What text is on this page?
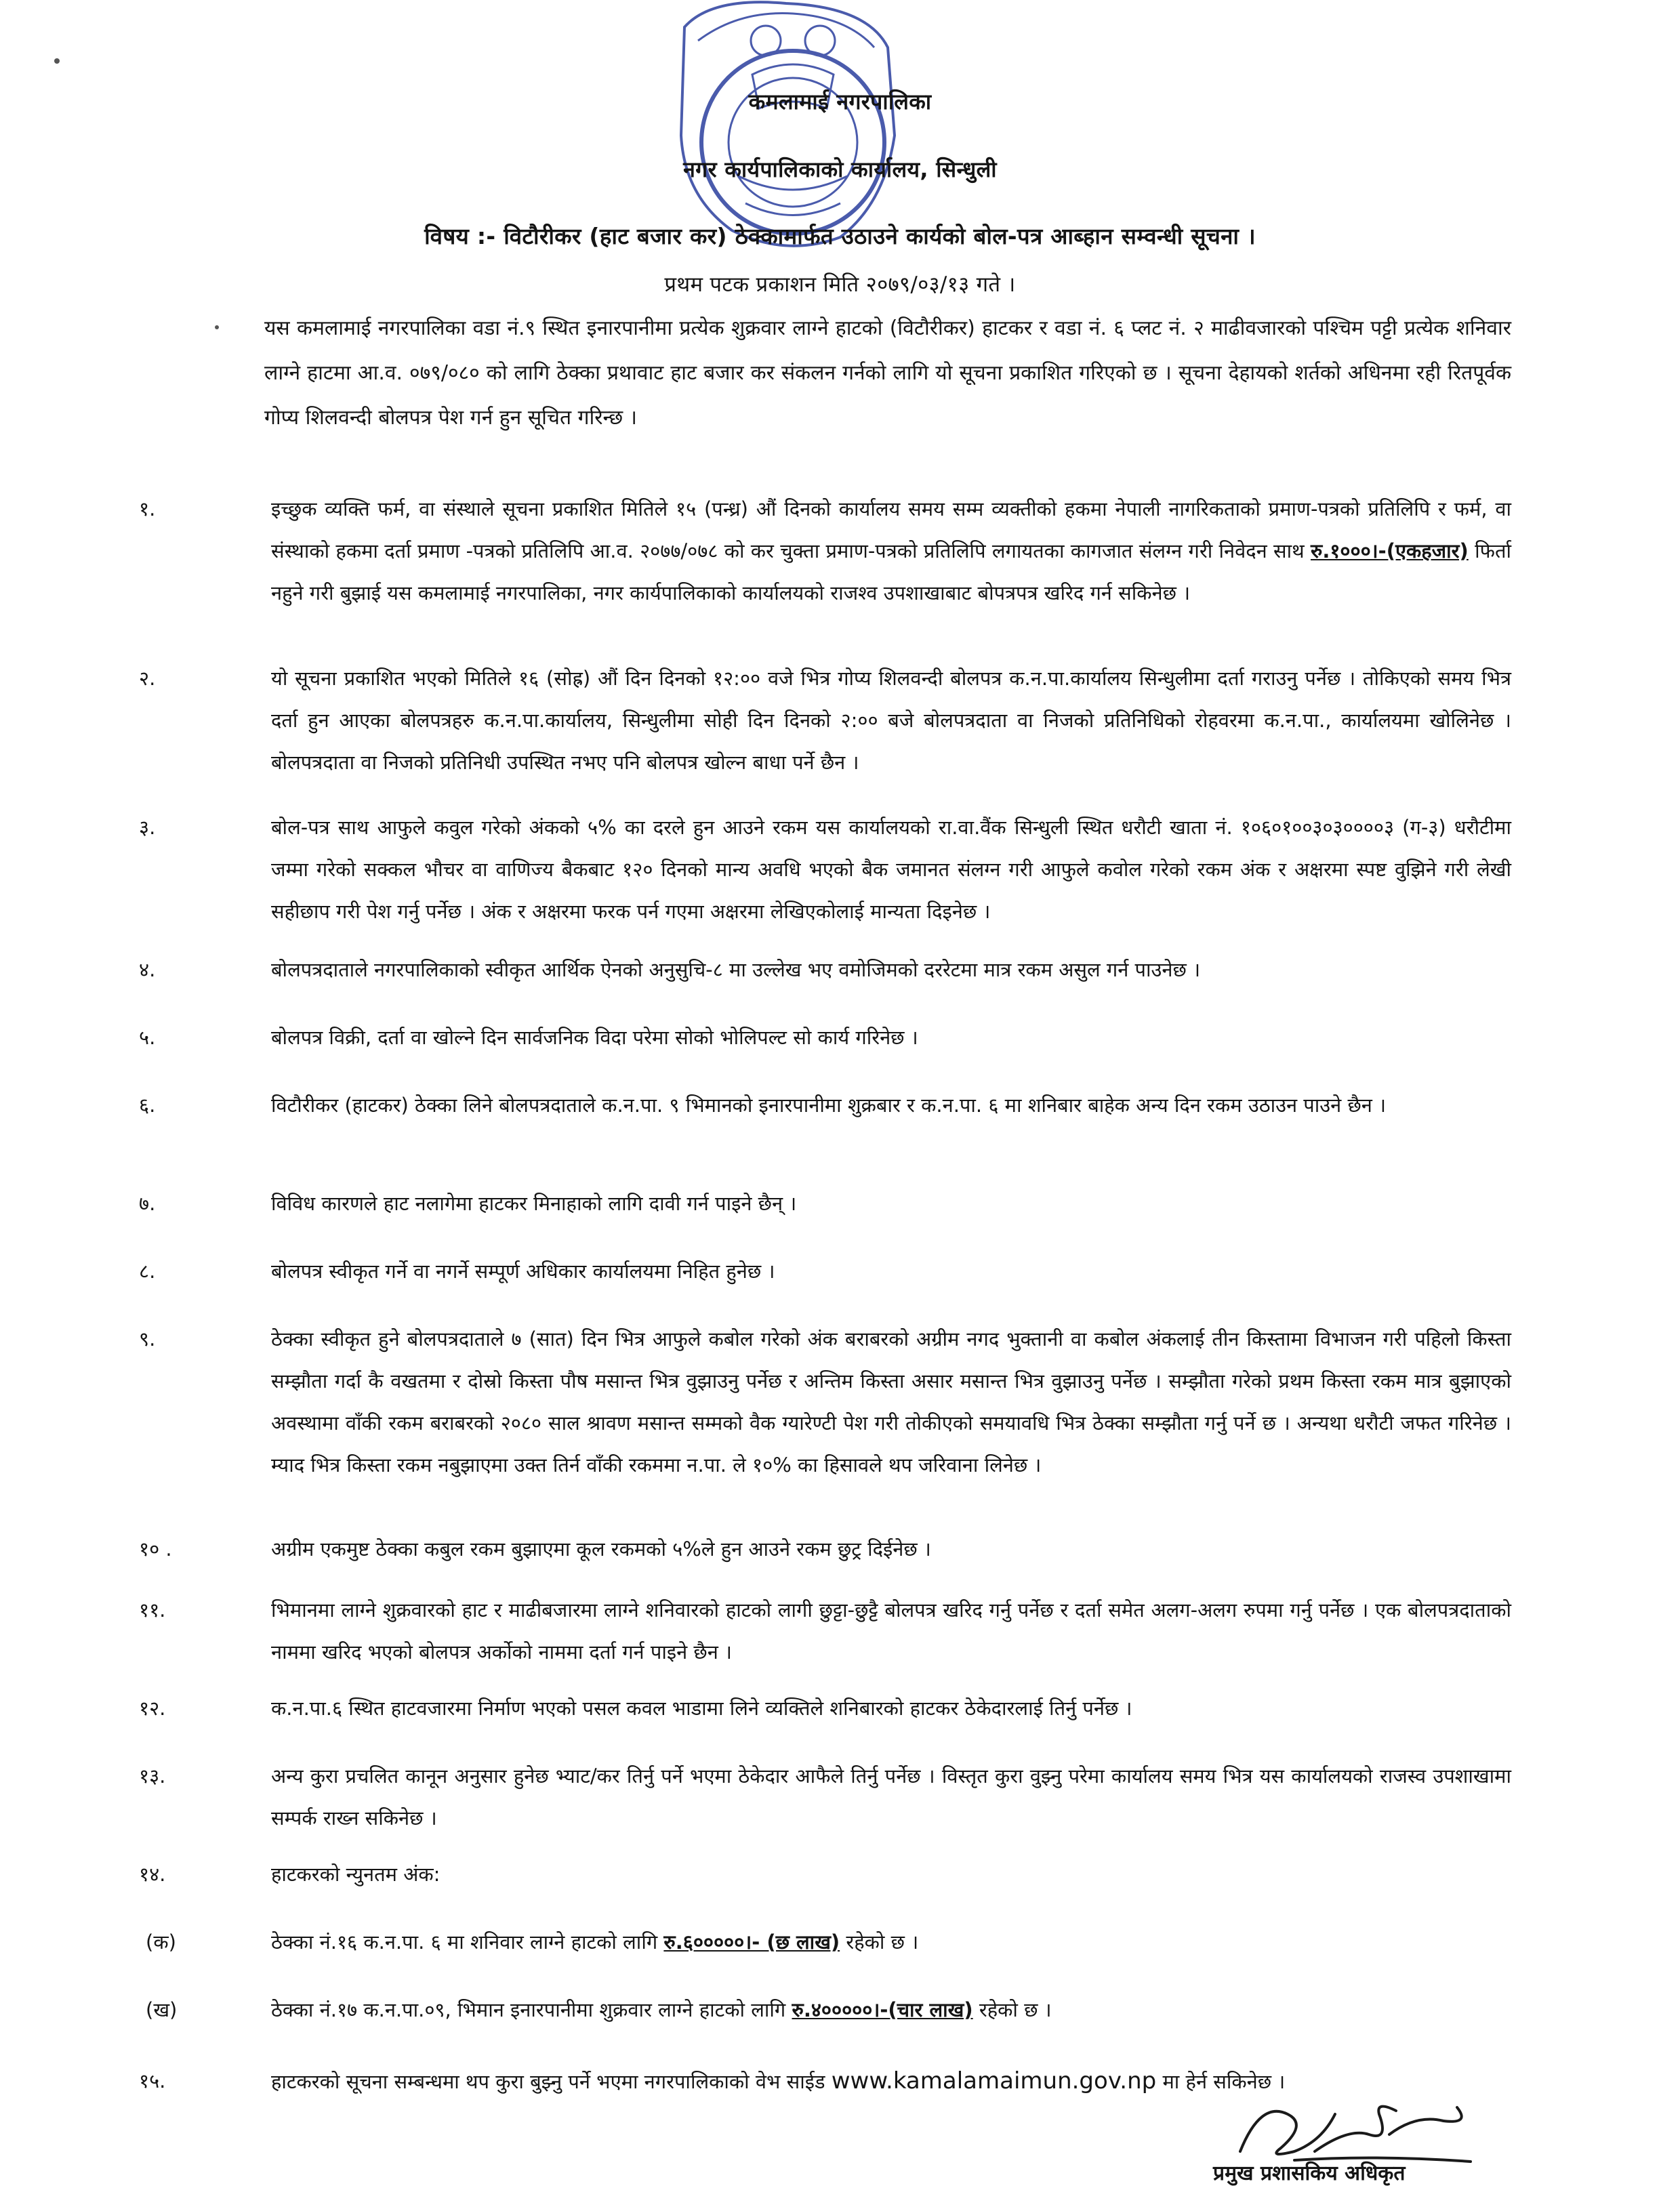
कमलामाई नगरपालिका
नगर कार्यपालिकाको कार्यालय, सिन्धुली
विषय :- विटौरीकर (हाट बजार कर) ठेक्कामार्फत उठाउने कार्यको बोल-पत्र आब्हान सम्वन्धी सूचना ।
प्रथम पटक प्रकाशन मिति २०७९/०३/१३ गते ।
यस कमलामाई नगरपालिका वडा नं.९ स्थित इनारपानीमा प्रत्येक शुक्रवार लाग्ने हाटको (विटौरीकर) हाटकर र वडा नं. ६ प्लट नं. २ माढीवजारको पश्चिम पट्टी प्रत्येक शनिवार लाग्ने हाटमा आ.व. ०७९/०८० को लागि ठेक्का प्रथावाट हाट बजार कर संकलन गर्नको लागि यो सूचना प्रकाशित गरिएको छ । सूचना देहायको शर्तको अधिनमा रही रितपूर्वक गोप्य शिलवन्दी बोलपत्र पेश गर्न हुन सूचित गरिन्छ ।
१.	इच्छुक व्यक्ति फर्म, वा संस्थाले सूचना प्रकाशित मितिले १५ (पन्ध्र) औं दिनको कार्यालय समय सम्म व्यक्तीको हकमा नेपाली नागरिकताको प्रमाण-पत्रको प्रतिलिपि र फर्म, वा संस्थाको हकमा दर्ता प्रमाण -पत्रको प्रतिलिपि आ.व. २०७७/०७८ को कर चुक्ता प्रमाण-पत्रको प्रतिलिपि लगायतका कागजात संलग्न गरी निवेदन साथ रु.१०००।-(एकहजार) फिर्ता नहुने गरी बुझाई यस कमलामाई नगरपालिका, नगर कार्यपालिकाको कार्यालयको राजश्व उपशाखाबाट बोपत्रपत्र खरिद गर्न सकिनेछ ।
२.	यो सूचना प्रकाशित भएको मितिले १६ (सोह्र) औं दिन दिनको १२:०० वजे भित्र गोप्य शिलवन्दी बोलपत्र क.न.पा.कार्यालय सिन्धुलीमा दर्ता गराउनु पर्नेछ । तोकिएको समय भित्र दर्ता हुन आएका बोलपत्रहरु क.न.पा.कार्यालय, सिन्धुलीमा सोही दिन दिनको २:०० बजे बोलपत्रदाता वा निजको प्रतिनिधिको रोहवरमा क.न.पा., कार्यालयमा खोलिनेछ । बोलपत्रदाता वा निजको प्रतिनिधी उपस्थित नभए पनि बोलपत्र खोल्न बाधा पर्ने छैन ।
३.	बोल-पत्र साथ आफुले कवुल गरेको अंकको ५% का दरले हुन आउने रकम यस कार्यालयको रा.वा.वैंक सिन्धुली स्थित धरौटी खाता नं. १०६०१००३०३००००३ (ग-३) धरौटीमा जम्मा गरेको सक्कल भौचर वा वाणिज्य बैकबाट १२० दिनको मान्य अवधि भएको बैक जमानत संलग्न गरी आफुले कवोल गरेको रकम अंक र अक्षरमा स्पष्ट वुझिने गरी लेखी सहीछाप गरी पेश गर्नु पर्नेछ । अंक र अक्षरमा फरक पर्न गएमा अक्षरमा लेखिएकोलाई मान्यता दिइनेछ ।
४.	बोलपत्रदाताले नगरपालिकाको स्वीकृत आर्थिक ऐनको अनुसुचि-८ मा उल्लेख भए वमोजिमको दररेटमा मात्र रकम असुल गर्न पाउनेछ ।
५.	बोलपत्र विक्री, दर्ता वा खोल्ने दिन सार्वजनिक विदा परेमा सोको भोलिपल्ट सो कार्य गरिनेछ ।
६.	विटौरीकर (हाटकर) ठेक्का लिने बोलपत्रदाताले क.न.पा. ९ भिमानको इनारपानीमा शुक्रबार र क.न.पा. ६ मा शनिबार बाहेक अन्य दिन रकम उठाउन पाउने छैन ।
७.	विविध कारणले हाट नलागेमा हाटकर मिनाहाको लागि दावी गर्न पाइने छैन् ।
८.	बोलपत्र स्वीकृत गर्ने वा नगर्ने सम्पूर्ण अधिकार कार्यालयमा निहित हुनेछ ।
९.	ठेक्का स्वीकृत हुने बोलपत्रदाताले ७ (सात) दिन भित्र आफुले कबोल गरेको अंक बराबरको अग्रीम नगद भुक्तानी वा कबोल अंकलाई तीन किस्तामा विभाजन गरी पहिलो किस्ता सम्झौता गर्दा कै वखतमा र दोस्रो किस्ता पौष मसान्त भित्र वुझाउनु पर्नेछ र अन्तिम किस्ता असार मसान्त भित्र वुझाउनु पर्नेछ । सम्झौता गरेको प्रथम किस्ता रकम मात्र बुझाएको अवस्थामा वाँकी रकम बराबरको २०८० साल श्रावण मसान्त सम्मको वैक ग्यारेण्टी पेश गरी तोकीएको समयावधि भित्र ठेक्का सम्झौता गर्नु पर्ने छ । अन्यथा धरौटी जफत गरिनेछ । म्याद भित्र किस्ता रकम नबुझाएमा उक्त तिर्न वाँकी रकममा न.पा. ले १०% का हिसावले थप जरिवाना लिनेछ ।
१० .	अग्रीम एकमुष्ट ठेक्का कबुल रकम बुझाएमा कूल रकमको ५%ले हुन आउने रकम छुट्र दिईनेछ ।
११.	भिमानमा लाग्ने शुक्रवारको हाट र माढीबजारमा लाग्ने शनिवारको हाटको लागी छुट्टा-छुट्टै बोलपत्र खरिद गर्नु पर्नेछ र दर्ता समेत अलग-अलग रुपमा गर्नु पर्नेछ । एक बोलपत्रदाताको नाममा खरिद भएको बोलपत्र अर्कोको नाममा दर्ता गर्न पाइने छैन ।
१२.	क.न.पा.६ स्थित हाटवजारमा निर्माण भएको पसल कवल भाडामा लिने व्यक्तिले शनिबारको हाटकर ठेकेदारलाई तिर्नु पर्नेछ ।
१३.	अन्य कुरा प्रचलित कानून अनुसार हुनेछ भ्याट/कर तिर्नु पर्ने भएमा ठेकेदार आफैले तिर्नु पर्नेछ । विस्तृत कुरा वुझ्नु परेमा कार्यालय समय भित्र यस कार्यालयको राजस्व उपशाखामा सम्पर्क राख्न सकिनेछ ।
१४.	हाटकरको न्युनतम अंक:
(क)	ठेक्का नं.१६ क.न.पा. ६ मा शनिवार लाग्ने हाटको लागि रु.६०००००।- (छ लाख) रहेको छ ।
(ख)	ठेक्का नं.१७ क.न.पा.०९, भिमान इनारपानीमा शुक्रवार लाग्ने हाटको लागि रु.४०००००।-(चार लाख) रहेको छ ।
१५.	हाटकरको सूचना सम्बन्धमा थप कुरा बुझ्नु पर्ने भएमा नगरपालिकाको वेभ साईड www.kamalamaimun.gov.np मा हेर्न सकिनेछ ।
प्रमुख प्रशासकिय अधिकृत
